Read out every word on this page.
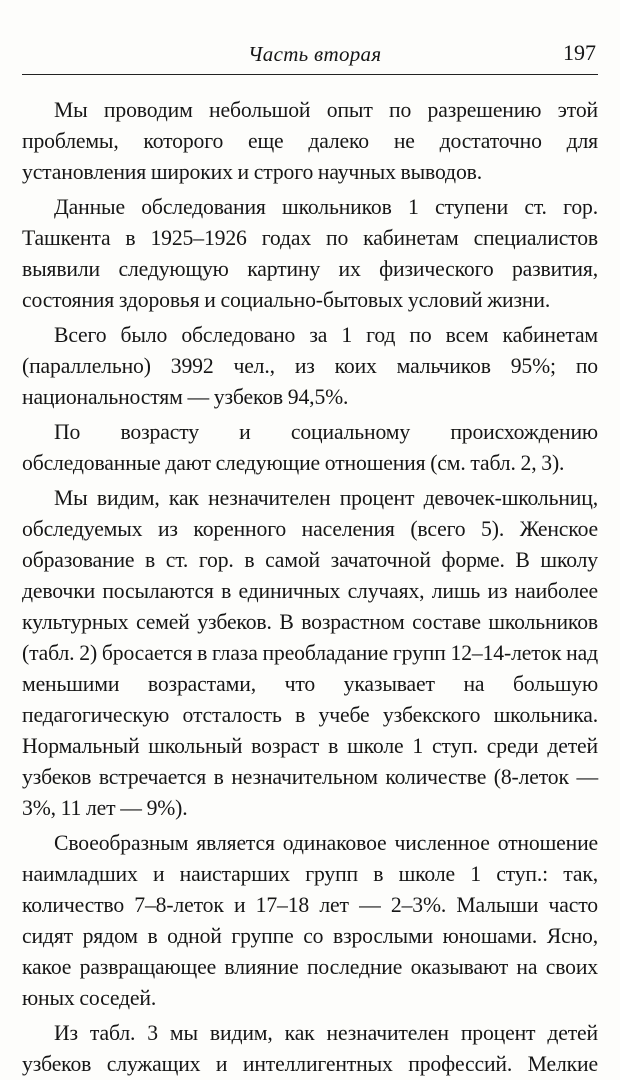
Часть вторая	197

Мы проводим небольшой опыт по разрешению этой проблемы, которого еще далеко не достаточно для установления широких и строго научных выводов.

Данные обследования школьников 1 ступени ст. гор. Ташкента в 1925–1926 годах по кабинетам специалистов выявили следующую картину их физического развития, состояния здоровья и социально-бытовых условий жизни.

Всего было обследовано за 1 год по всем кабинетам (параллельно) 3992 чел., из коих мальчиков 95%; по национальностям — узбеков 94,5%.

По возрасту и социальному происхождению обследованные дают следующие отношения (см. табл. 2, 3).

Мы видим, как незначителен процент девочек-школьниц, обследуемых из коренного населения (всего 5). Женское образование в ст. гор. в самой зачаточной форме. В школу девочки посылаются в единичных случаях, лишь из наиболее культурных семей узбеков. В возрастном составе школьников (табл. 2) бросается в глаза преобладание групп 12–14-леток над меньшими возрастами, что указывает на большую педагогическую отсталость в учебе узбекского школьника. Нормальный школьный возраст в школе 1 ступ. среди детей узбеков встречается в незначительном количестве (8-леток — 3%, 11 лет — 9%).

Своеобразным является одинаковое численное отношение наимладших и наистарших групп в школе 1 ступ.: так, количество 7–8-леток и 17–18 лет — 2–3%. Малыши часто сидят рядом в одной группе со взрослыми юношами. Ясно, какое развращающее влияние последние оказывают на своих юных соседей.

Из табл. 3 мы видим, как незначителен процент детей узбеков служащих и интеллигентных профессий. Мелкие
